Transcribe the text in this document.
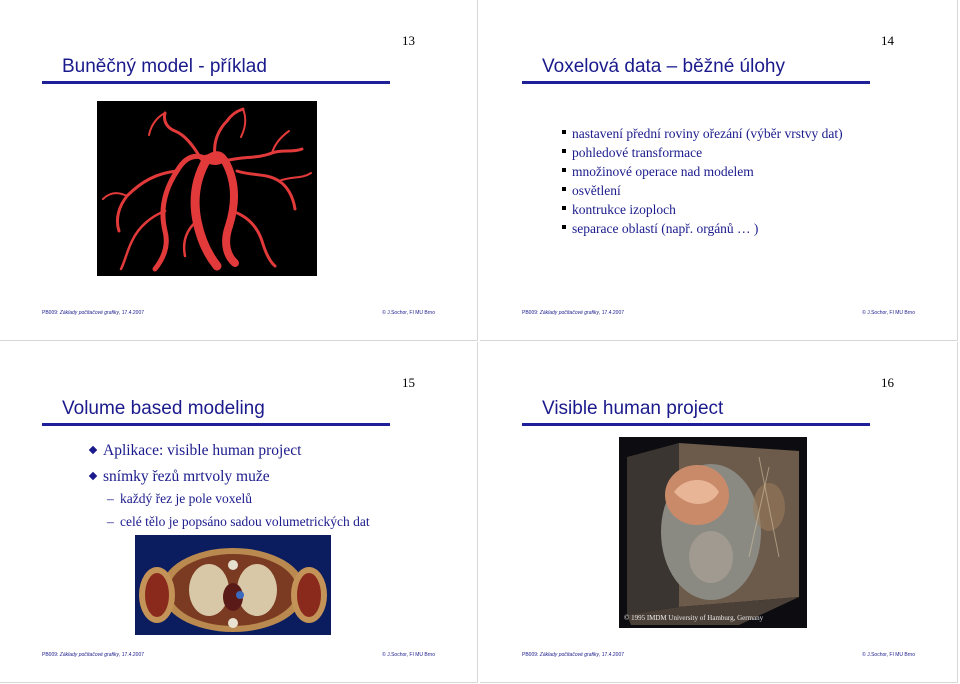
13
Buněčný model - příklad
PB009: Základy počítačové grafiky, 17.4.2007	© J.Sochor, FI MU Brno
14
Voxelová data – běžné úlohy
nastavení přední roviny ořezání (výběr vrstvy dat)
pohledové transformace
množinové operace nad modelem
osvětlení
kontrukce izoploch
separace oblastí (např. orgánů … )
PB009: Základy počítačové grafiky, 17.4.2007	© J.Sochor, FI MU Brno
15
Volume based modeling
Aplikace: visible human project
snímky řezů mrtvoly muže
– každý řez je pole voxelů
– celé tělo je popsáno sadou volumetrických dat
PB009: Základy počítačové grafiky, 17.4.2007	© J.Sochor, FI MU Brno
16
Visible human project
© 1995 IMDM University of Hamburg, Germany
PB009: Základy počítačové grafiky, 17.4.2007	© J.Sochor, FI MU Brno
